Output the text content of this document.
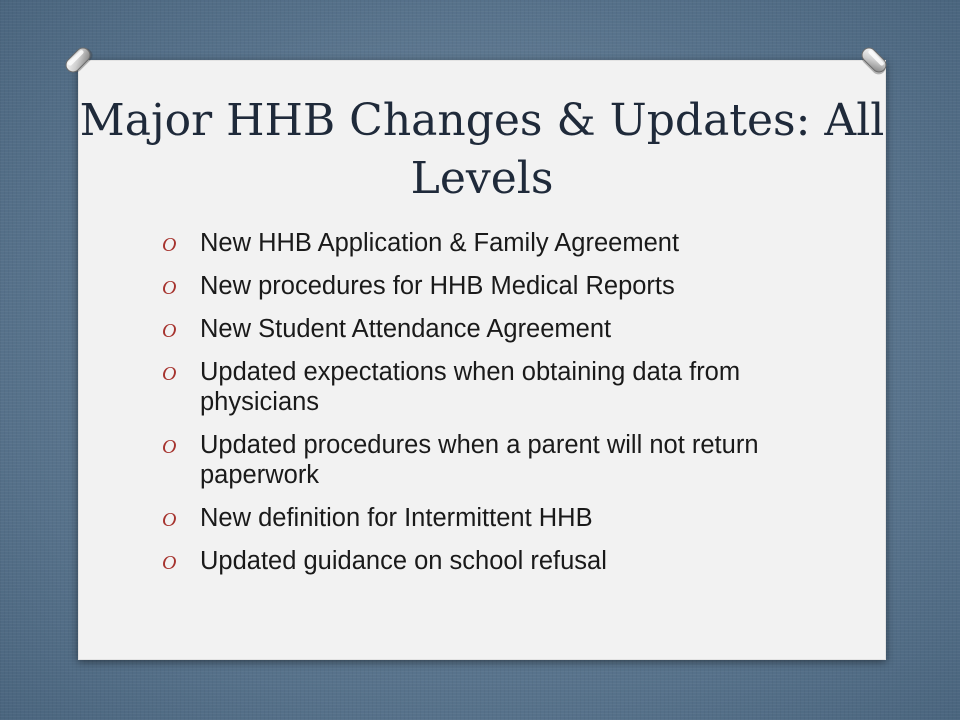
Major HHB Changes & Updates: All Levels
O New HHB Application & Family Agreement
O New procedures for HHB Medical Reports
O New Student Attendance Agreement
O Updated expectations when obtaining data from physicians
O Updated procedures when a parent will not return paperwork
O New definition for Intermittent HHB
O Updated guidance on school refusal
